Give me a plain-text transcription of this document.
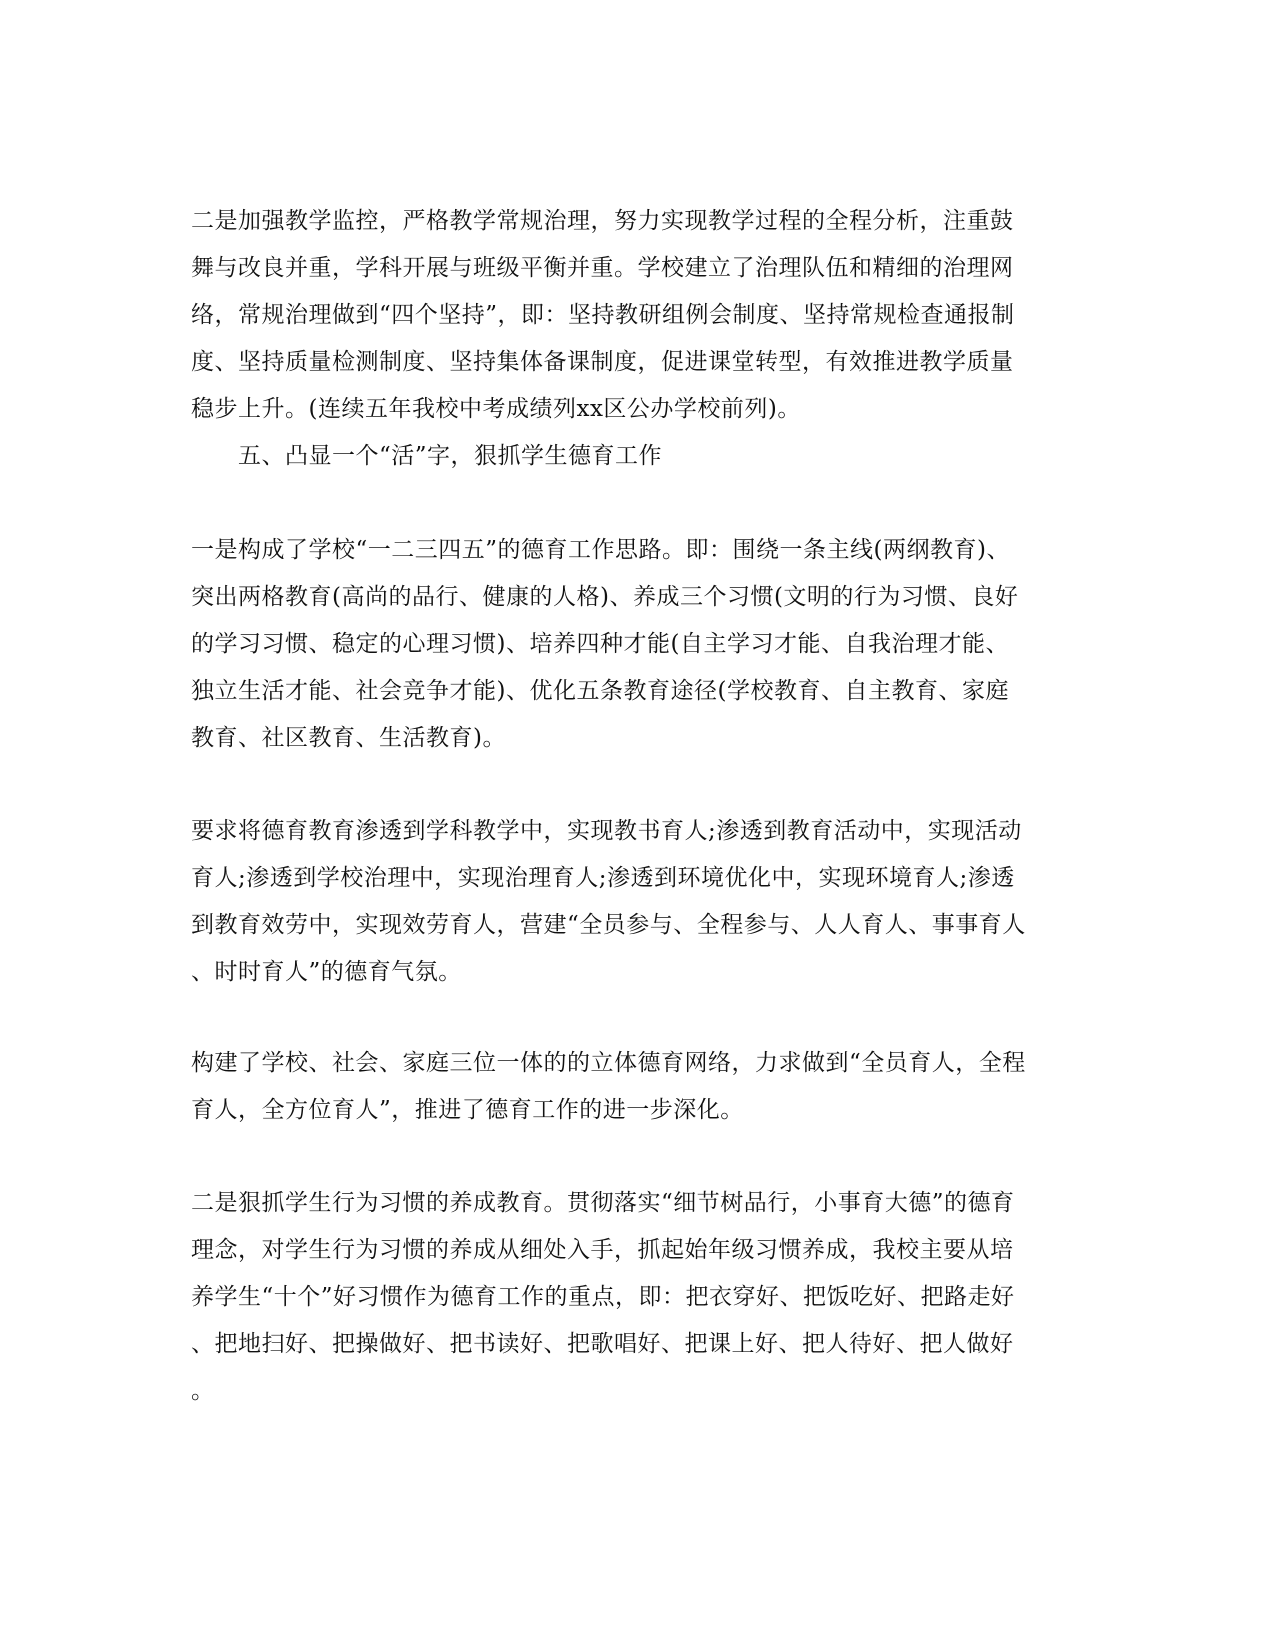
二是加强教学监控，严格教学常规治理，努力实现教学过程的全程分析，注重鼓
舞与改良并重，学科开展与班级平衡并重。学校建立了治理队伍和精细的治理网
络，常规治理做到“四个坚持”，即：坚持教研组例会制度、坚持常规检查通报制
度、坚持质量检测制度、坚持集体备课制度，促进课堂转型，有效推进教学质量
稳步上升。(连续五年我校中考成绩列xx区公办学校前列)。
五、凸显一个“活”字，狠抓学生德育工作
一是构成了学校“一二三四五”的德育工作思路。即：围绕一条主线(两纲教育)、
突出两格教育(高尚的品行、健康的人格)、养成三个习惯(文明的行为习惯、良好
的学习习惯、稳定的心理习惯)、培养四种才能(自主学习才能、自我治理才能、
独立生活才能、社会竞争才能)、优化五条教育途径(学校教育、自主教育、家庭
教育、社区教育、生活教育)。
要求将德育教育渗透到学科教学中，实现教书育人;渗透到教育活动中，实现活动
育人;渗透到学校治理中，实现治理育人;渗透到环境优化中，实现环境育人;渗透
到教育效劳中，实现效劳育人，营建“全员参与、全程参与、人人育人、事事育人
、时时育人”的德育气氛。
构建了学校、社会、家庭三位一体的的立体德育网络，力求做到“全员育人，全程
育人，全方位育人”，推进了德育工作的进一步深化。
二是狠抓学生行为习惯的养成教育。贯彻落实“细节树品行，小事育大德”的德育
理念，对学生行为习惯的养成从细处入手，抓起始年级习惯养成，我校主要从培
养学生“十个”好习惯作为德育工作的重点，即：把衣穿好、把饭吃好、把路走好
、把地扫好、把操做好、把书读好、把歌唱好、把课上好、把人待好、把人做好
。
